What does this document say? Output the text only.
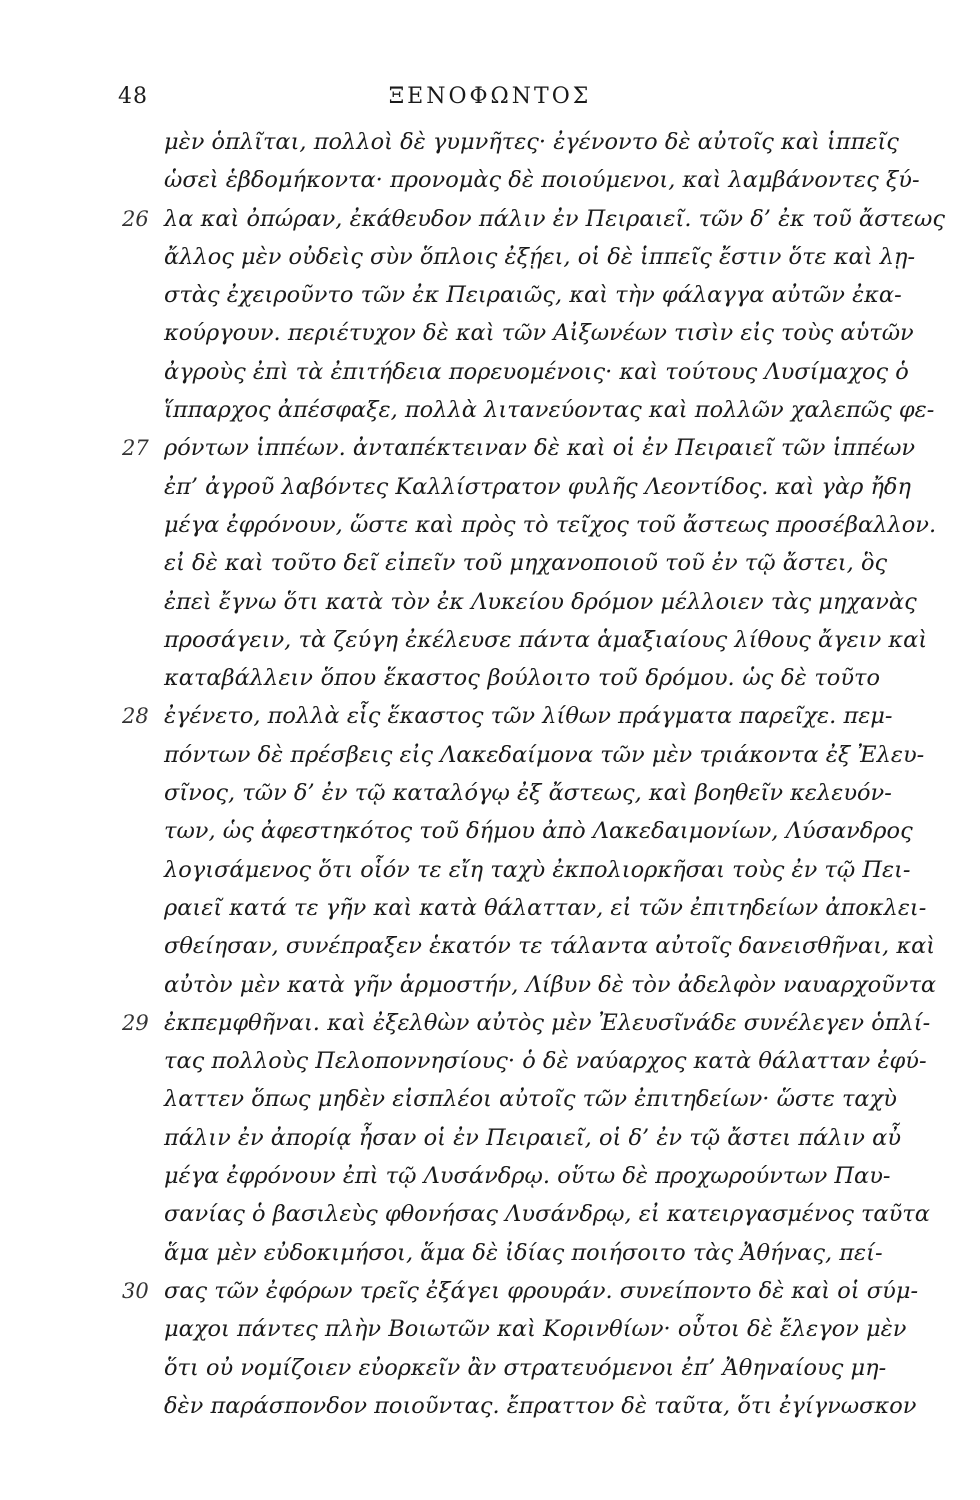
48	ΞΕΝΟΦΩΝΤΟΣ
μὲν ὁπλῖται, πολλοὶ δὲ γυμνῆτες· ἐγένοντο δὲ αὐτοῖς καὶ ἱππεῖς
ὡσεὶ ἑβδομήκοντα· προνομὰς δὲ ποιούμενοι, καὶ λαμβάνοντες ξύ-
26 λα καὶ ὀπώραν, ἐκάθευδον πάλιν ἐν Πειραιεῖ. τῶν δ’ ἐκ τοῦ ἄστεως
ἄλλος μὲν οὐδεὶς σὺν ὅπλοις ἐξῄει, οἱ δὲ ἱππεῖς ἔστιν ὅτε καὶ λῃ-
στὰς ἐχειροῦντο τῶν ἐκ Πειραιῶς, καὶ τὴν φάλαγγα αὐτῶν ἐκα-
κούργουν. περιέτυχον δὲ καὶ τῶν Αἰξωνέων τισὶν εἰς τοὺς αὑτῶν
ἀγροὺς ἐπὶ τὰ ἐπιτήδεια πορευομένοις· καὶ τούτους Λυσίμαχος ὁ
ἵππαρχος ἀπέσφαξε, πολλὰ λιτανεύοντας καὶ πολλῶν χαλεπῶς φε-
27 ρόντων ἱππέων. ἀνταπέκτειναν δὲ καὶ οἱ ἐν Πειραιεῖ τῶν ἱππέων
ἐπ’ ἀγροῦ λαβόντες Καλλίστρατον φυλῆς Λεοντίδος. καὶ γὰρ ἤδη
μέγα ἐφρόνουν, ὥστε καὶ πρὸς τὸ τεῖχος τοῦ ἄστεως προσέβαλλον.
εἰ δὲ καὶ τοῦτο δεῖ εἰπεῖν τοῦ μηχανοποιοῦ τοῦ ἐν τῷ ἄστει, ὃς
ἐπεὶ ἔγνω ὅτι κατὰ τὸν ἐκ Λυκείου δρόμον μέλλοιεν τὰς μηχανὰς
προσάγειν, τὰ ζεύγη ἐκέλευσε πάντα ἁμαξιαίους λίθους ἄγειν καὶ
καταβάλλειν ὅπου ἕκαστος βούλοιτο τοῦ δρόμου. ὡς δὲ τοῦτο
28 ἐγένετο, πολλὰ εἷς ἕκαστος τῶν λίθων πράγματα παρεῖχε. πεμ-
πόντων δὲ πρέσβεις εἰς Λακεδαίμονα τῶν μὲν τριάκοντα ἐξ Ἐλευ-
σῖνος, τῶν δ’ ἐν τῷ καταλόγῳ ἐξ ἄστεως, καὶ βοηθεῖν κελευόν-
των, ὡς ἀφεστηκότος τοῦ δήμου ἀπὸ Λακεδαιμονίων, Λύσανδρος
λογισάμενος ὅτι οἷόν τε εἴη ταχὺ ἐκπολιορκῆσαι τοὺς ἐν τῷ Πει-
ραιεῖ κατά τε γῆν καὶ κατὰ θάλατταν, εἰ τῶν ἐπιτηδείων ἀποκλει-
σθείησαν, συνέπραξεν ἑκατόν τε τάλαντα αὐτοῖς δανεισθῆναι, καὶ
αὐτὸν μὲν κατὰ γῆν ἁρμοστήν, Λίβυν δὲ τὸν ἀδελφὸν ναυαρχοῦντα
29 ἐκπεμφθῆναι. καὶ ἐξελθὼν αὐτὸς μὲν Ἐλευσῖνάδε συνέλεγεν ὁπλί-
τας πολλοὺς Πελοποννησίους· ὁ δὲ ναύαρχος κατὰ θάλατταν ἐφύ-
λαττεν ὅπως μηδὲν εἰσπλέοι αὐτοῖς τῶν ἐπιτηδείων· ὥστε ταχὺ
πάλιν ἐν ἀπορίᾳ ἦσαν οἱ ἐν Πειραιεῖ, οἱ δ’ ἐν τῷ ἄστει πάλιν αὖ
μέγα ἐφρόνουν ἐπὶ τῷ Λυσάνδρῳ. οὕτω δὲ προχωρούντων Παυ-
σανίας ὁ βασιλεὺς φθονήσας Λυσάνδρῳ, εἰ κατειργασμένος ταῦτα
ἅμα μὲν εὐδοκιμήσοι, ἅμα δὲ ἰδίας ποιήσοιτο τὰς Ἀθήνας, πεί-
30 σας τῶν ἐφόρων τρεῖς ἐξάγει φρουράν. συνείποντο δὲ καὶ οἱ σύμ-
μαχοι πάντες πλὴν Βοιωτῶν καὶ Κορινθίων· οὗτοι δὲ ἔλεγον μὲν
ὅτι οὐ νομίζοιεν εὐορκεῖν ἂν στρατευόμενοι ἐπ’ Ἀθηναίους μη-
δὲν παράσπονδον ποιοῦντας. ἔπραττον δὲ ταῦτα, ὅτι ἐγίγνωσκον
